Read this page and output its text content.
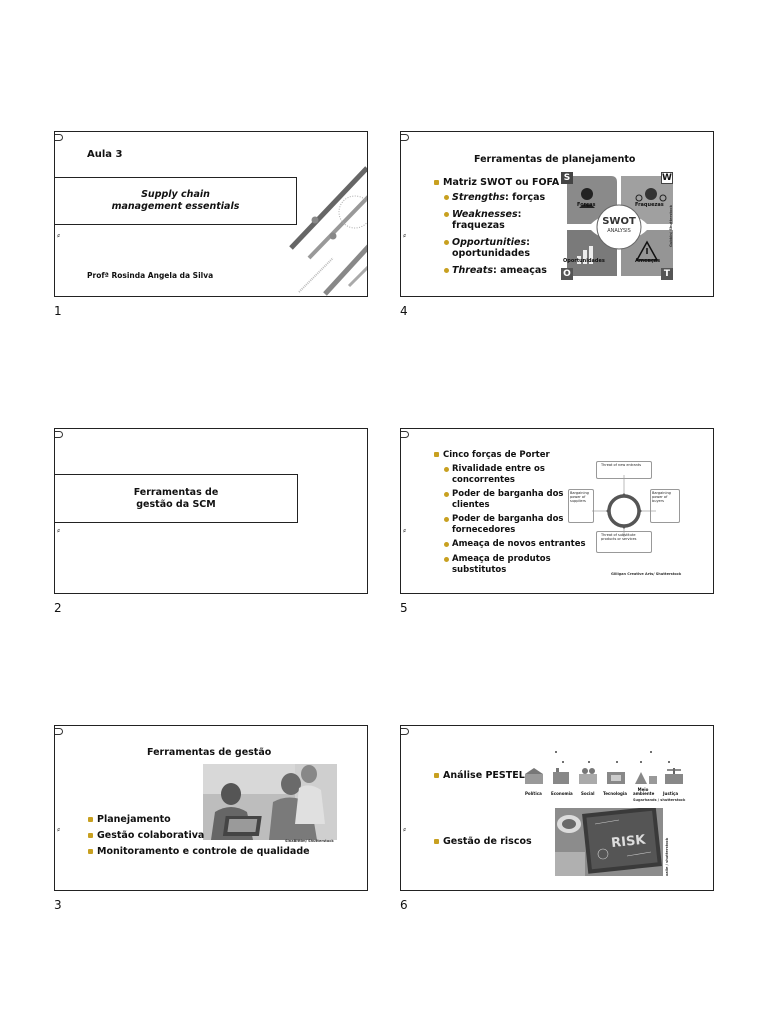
⸗
Aula 3
Supply chain
management essentials
Profª Rosinda Angela da Silva
1
⸗
Ferramentas de
gestão da SCM
2
⸗
Ferramentas de gestão
SinaBittim/ Shutterstock
Planejamento
Gestão colaborativa
Monitoramento e controle de qualidade
3
⸗
Ferramentas de planejamento
Matriz SWOT ou FOFA
Strengths: forças
Weaknesses:
fraquezas
Opportunities:
oportunidades
Threats: ameaças
S	W
O	T
Forças	Fraquezas
Oportunidades	Ameaças
SWOT
ANALYSIS	Gubkin/ Shutterstock
4
⸗
Cinco forças de Porter
Rivalidade entre os
concorrentes
Poder de barganha dos
clientes
Poder de barganha dos
fornecedores
Ameaça de novos entrantes
Ameaça de produtos
substitutos
Threat of new entrants
Bargaining power of suppliers
Bargaining power of buyers
Threat of substitute products or services
Gilligan Creative Arts/ Shutterstock
5
⸗
Análise PESTEL
Gestão de riscos
Política Economia Social Tecnologia
Meio ambiente Justiça
Sugarhands / shutterstock
RISK	xalle / shutterstock
6
